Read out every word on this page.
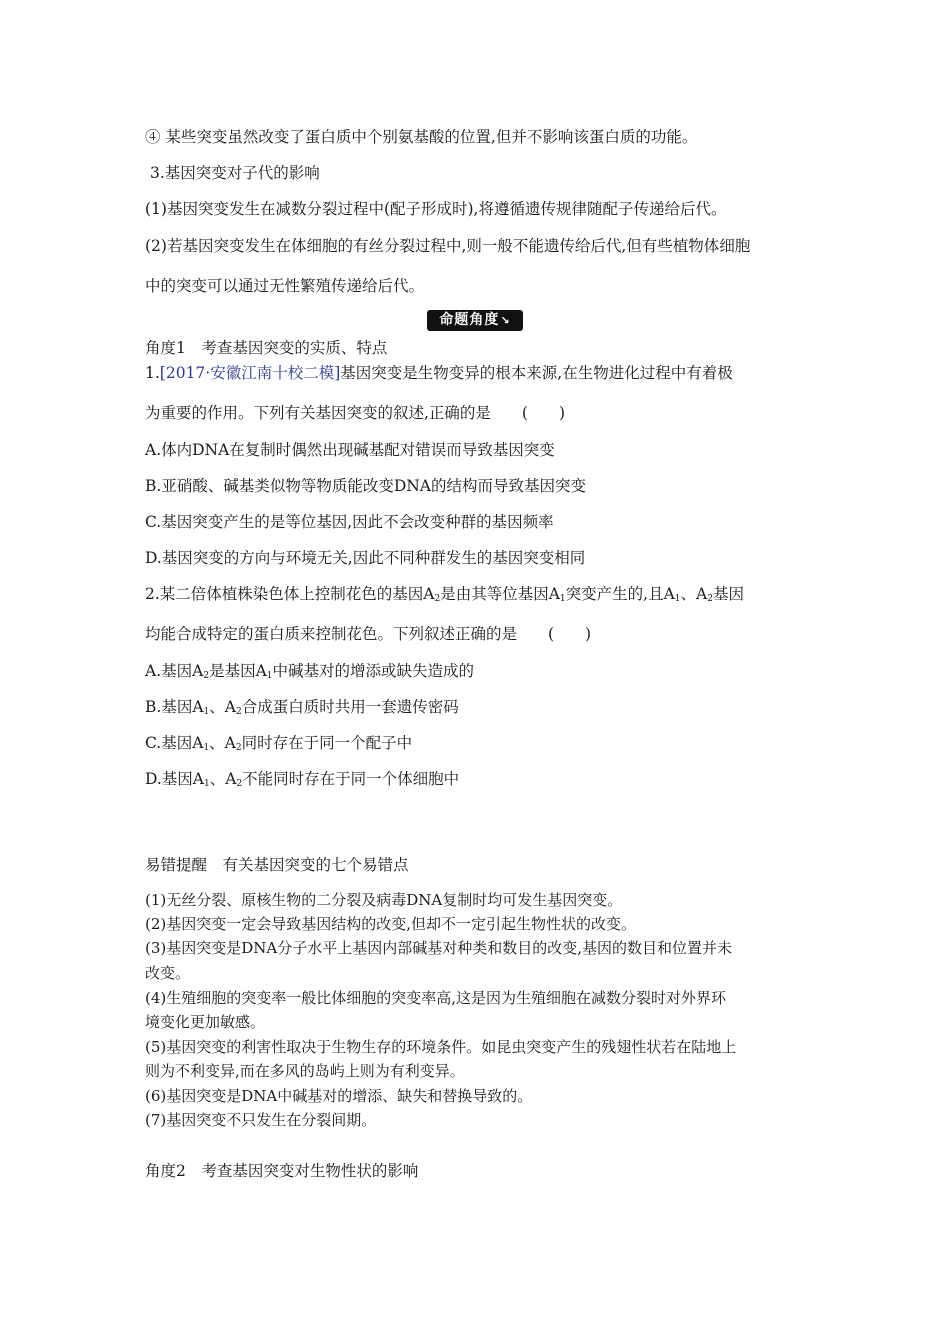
④ 某些突变虽然改变了蛋白质中个别氨基酸的位置,但并不影响该蛋白质的功能。
3.基因突变对子代的影响
(1)基因突变发生在减数分裂过程中(配子形成时),将遵循遗传规律随配子传递给后代。
(2)若基因突变发生在体细胞的有丝分裂过程中,则一般不能遗传给后代,但有些植物体细胞
中的突变可以通过无性繁殖传递给后代。
命题角度↘
角度1　考查基因突变的实质、特点
1.[2017·安徽江南十校二模]基因突变是生物变异的根本来源,在生物进化过程中有着极
为重要的作用。下列有关基因突变的叙述,正确的是　　(　　)
A.体内DNA在复制时偶然出现碱基配对错误而导致基因突变
B.亚硝酸、碱基类似物等物质能改变DNA的结构而导致基因突变
C.基因突变产生的是等位基因,因此不会改变种群的基因频率
D.基因突变的方向与环境无关,因此不同种群发生的基因突变相同
2.某二倍体植株染色体上控制花色的基因$A_2$是由其等位基因$A_1$突变产生的,且$A_1$、$A_2$基因
均能合成特定的蛋白质来控制花色。下列叙述正确的是　　(　　)
A.基因$A_2$是基因$A_1$中碱基对的增添或缺失造成的
B.基因$A_1$、$A_2$合成蛋白质时共用一套遗传密码
C.基因$A_1$、$A_2$同时存在于同一个配子中
D.基因$A_1$、$A_2$不能同时存在于同一个体细胞中
易错提醒　有关基因突变的七个易错点
(1)无丝分裂、原核生物的二分裂及病毒DNA复制时均可发生基因突变。
(2)基因突变一定会导致基因结构的改变,但却不一定引起生物性状的改变。
(3)基因突变是DNA分子水平上基因内部碱基对种类和数目的改变,基因的数目和位置并未
改变。
(4)生殖细胞的突变率一般比体细胞的突变率高,这是因为生殖细胞在减数分裂时对外界环
境变化更加敏感。
(5)基因突变的利害性取决于生物生存的环境条件。如昆虫突变产生的残翅性状若在陆地上
则为不利变异,而在多风的岛屿上则为有利变异。
(6)基因突变是DNA中碱基对的增添、缺失和替换导致的。
(7)基因突变不只发生在分裂间期。
角度2　考查基因突变对生物性状的影响
